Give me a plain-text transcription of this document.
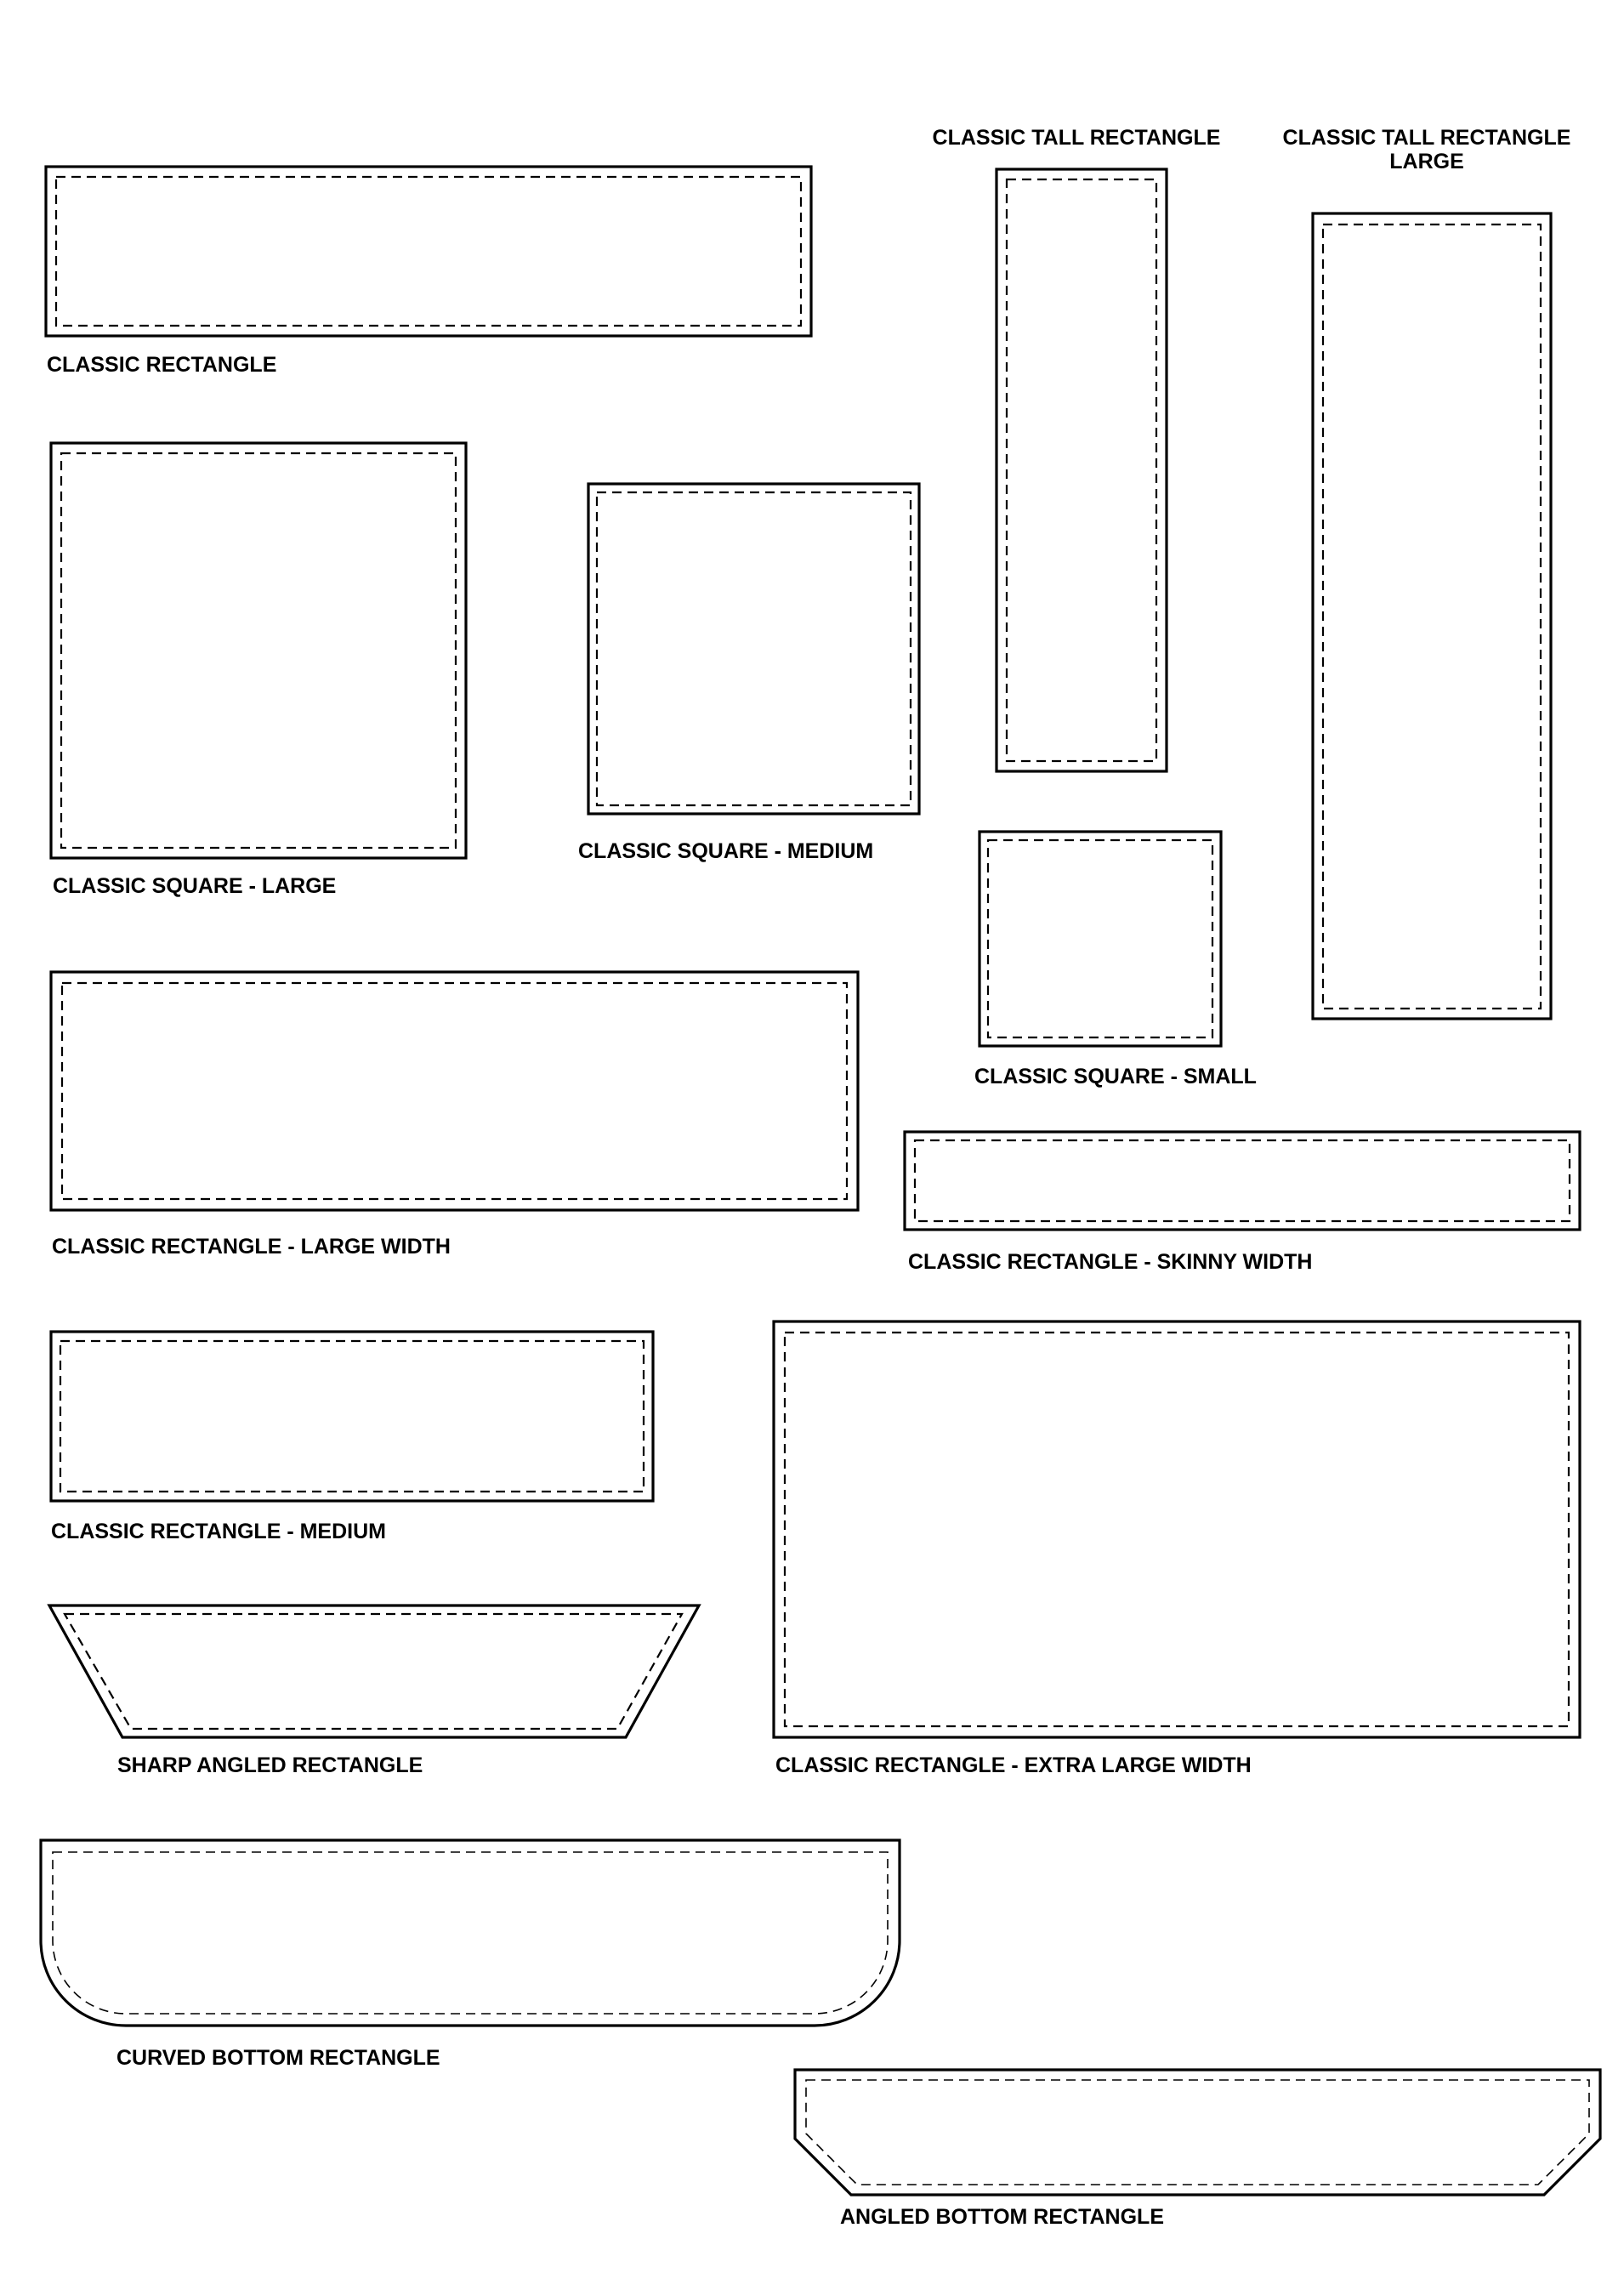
CLASSIC RECTANGLE
CLASSIC TALL RECTANGLE	CLASSIC TALL RECTANGLE
LARGE
CLASSIC SQUARE - LARGE
CLASSIC SQUARE - MEDIUM
CLASSIC SQUARE - SMALL
CLASSIC RECTANGLE - LARGE WIDTH
CLASSIC RECTANGLE - SKINNY WIDTH
CLASSIC RECTANGLE - MEDIUM
CLASSIC RECTANGLE - EXTRA LARGE WIDTH
SHARP ANGLED RECTANGLE
CURVED BOTTOM RECTANGLE
ANGLED BOTTOM RECTANGLE
